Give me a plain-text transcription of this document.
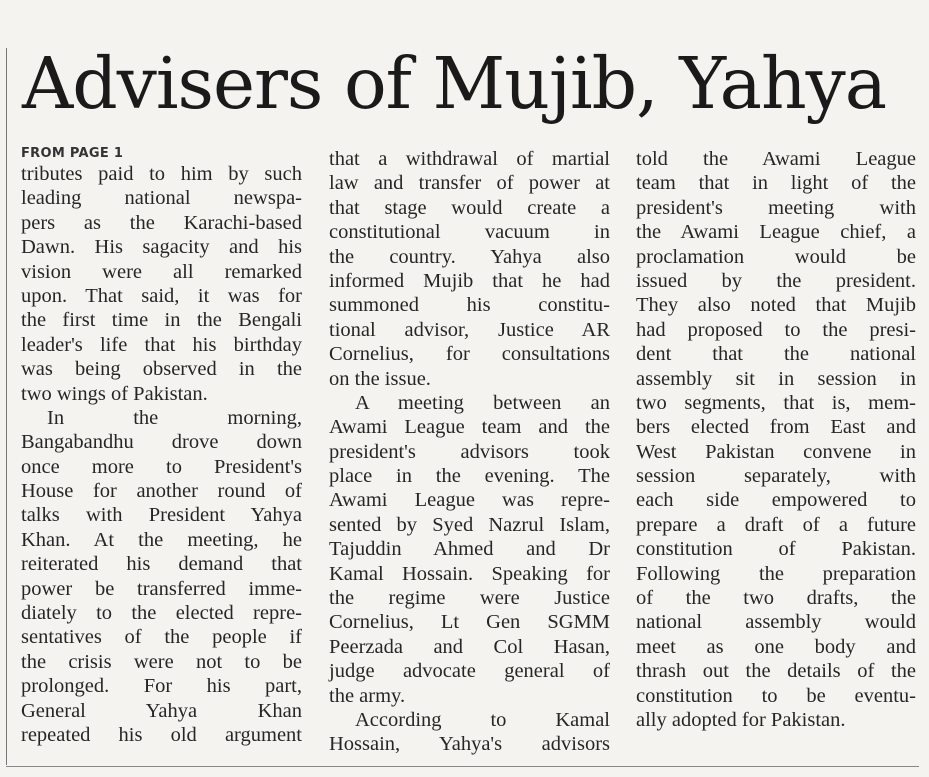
Advisers of Mujib, Yahya
FROM PAGE 1
tributes paid to him by such
leading national newspa-
pers as the Karachi-based
Dawn. His sagacity and his
vision were all remarked
upon. That said, it was for
the first time in the Bengali
leader's life that his birthday
was being observed in the
two wings of Pakistan.
In the morning,
Bangabandhu drove down
once more to President's
House for another round of
talks with President Yahya
Khan. At the meeting, he
reiterated his demand that
power be transferred imme-
diately to the elected repre-
sentatives of the people if
the crisis were not to be
prolonged. For his part,
General Yahya Khan
repeated his old argument
that a withdrawal of martial
law and transfer of power at
that stage would create a
constitutional vacuum in
the country. Yahya also
informed Mujib that he had
summoned his constitu-
tional advisor, Justice AR
Cornelius, for consultations
on the issue.
A meeting between an
Awami League team and the
president's advisors took
place in the evening. The
Awami League was repre-
sented by Syed Nazrul Islam,
Tajuddin Ahmed and Dr
Kamal Hossain. Speaking for
the regime were Justice
Cornelius, Lt Gen SGMM
Peerzada and Col Hasan,
judge advocate general of
the army.
According to Kamal
Hossain, Yahya's advisors
told the Awami League
team that in light of the
president's meeting with
the Awami League chief, a
proclamation would be
issued by the president.
They also noted that Mujib
had proposed to the presi-
dent that the national
assembly sit in session in
two segments, that is, mem-
bers elected from East and
West Pakistan convene in
session separately, with
each side empowered to
prepare a draft of a future
constitution of Pakistan.
Following the preparation
of the two drafts, the
national assembly would
meet as one body and
thrash out the details of the
constitution to be eventu-
ally adopted for Pakistan.
